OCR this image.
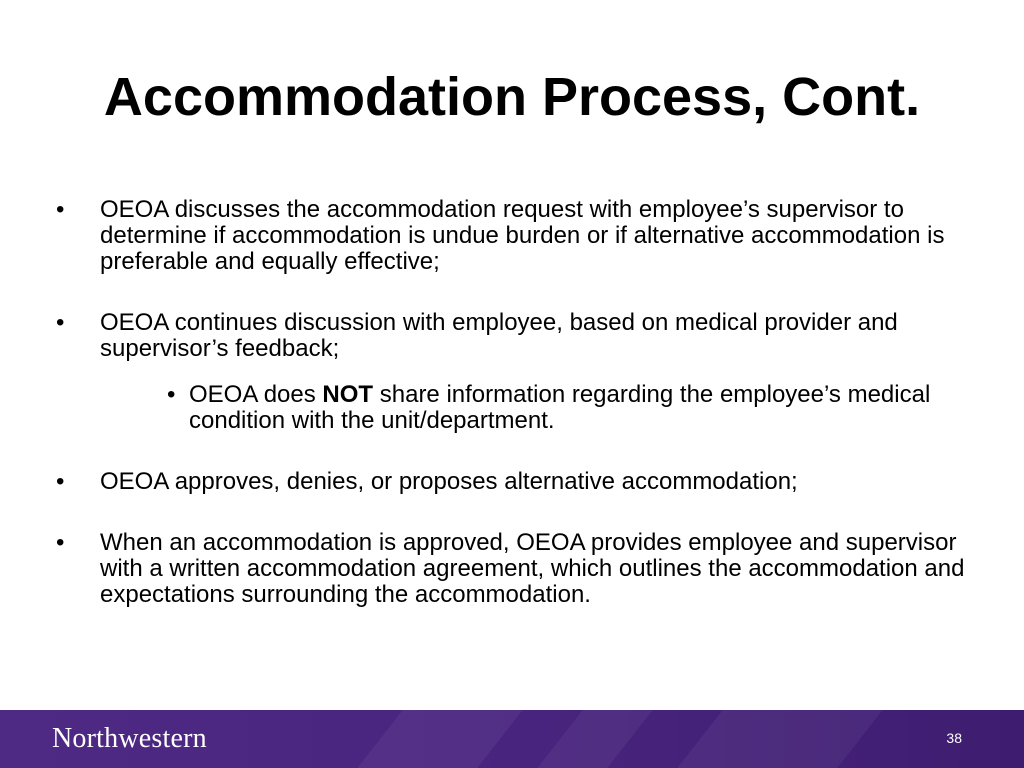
Accommodation Process, Cont.
•	OEOA discusses the accommodation request with employee’s supervisor to determine if accommodation is undue burden or if alternative accommodation is preferable and equally effective;
•	OEOA continues discussion with employee, based on medical provider and supervisor’s feedback;
• OEOA does NOT share information regarding the employee’s medical condition with the unit/department.
•	OEOA approves, denies, or proposes alternative accommodation;
•	When an accommodation is approved, OEOA provides employee and supervisor with a written accommodation agreement, which outlines the accommodation and expectations surrounding the accommodation.
Northwestern	38
